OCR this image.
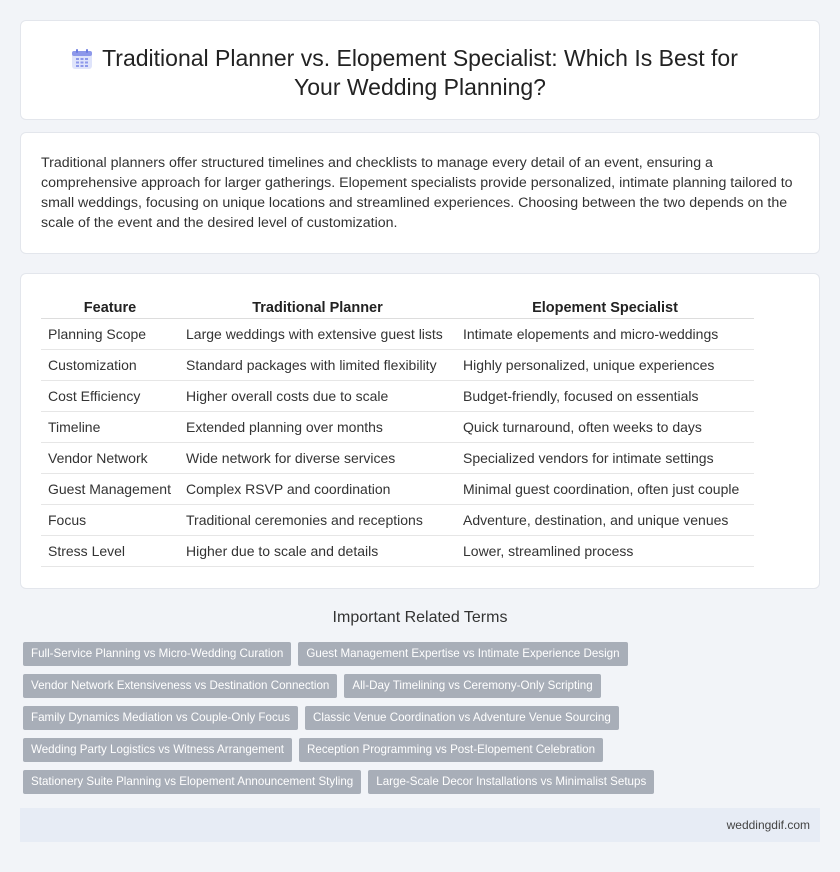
Traditional Planner vs. Elopement Specialist: Which Is Best for
Your Wedding Planning?

Traditional planners offer structured timelines and checklists to manage every detail of an event, ensuring a comprehensive approach for larger gatherings. Elopement specialists provide personalized, intimate planning tailored to small weddings, focusing on unique locations and streamlined experiences. Choosing between the two depends on the scale of the event and the desired level of customization.

Feature	Traditional Planner	Elopement Specialist
Planning Scope	Large weddings with extensive guest lists	Intimate elopements and micro-weddings
Customization	Standard packages with limited flexibility	Highly personalized, unique experiences
Cost Efficiency	Higher overall costs due to scale	Budget-friendly, focused on essentials
Timeline	Extended planning over months	Quick turnaround, often weeks to days
Vendor Network	Wide network for diverse services	Specialized vendors for intimate settings
Guest Management	Complex RSVP and coordination	Minimal guest coordination, often just couple
Focus	Traditional ceremonies and receptions	Adventure, destination, and unique venues
Stress Level	Higher due to scale and details	Lower, streamlined process
Important Related Terms
Full-Service Planning vs Micro-Wedding Curation	Guest Management Expertise vs Intimate Experience Design
Vendor Network Extensiveness vs Destination Connection	All-Day Timelining vs Ceremony-Only Scripting
Family Dynamics Mediation vs Couple-Only Focus	Classic Venue Coordination vs Adventure Venue Sourcing
Wedding Party Logistics vs Witness Arrangement	Reception Programming vs Post-Elopement Celebration
Stationery Suite Planning vs Elopement Announcement Styling	Large-Scale Decor Installations vs Minimalist Setups
weddingdif.com
